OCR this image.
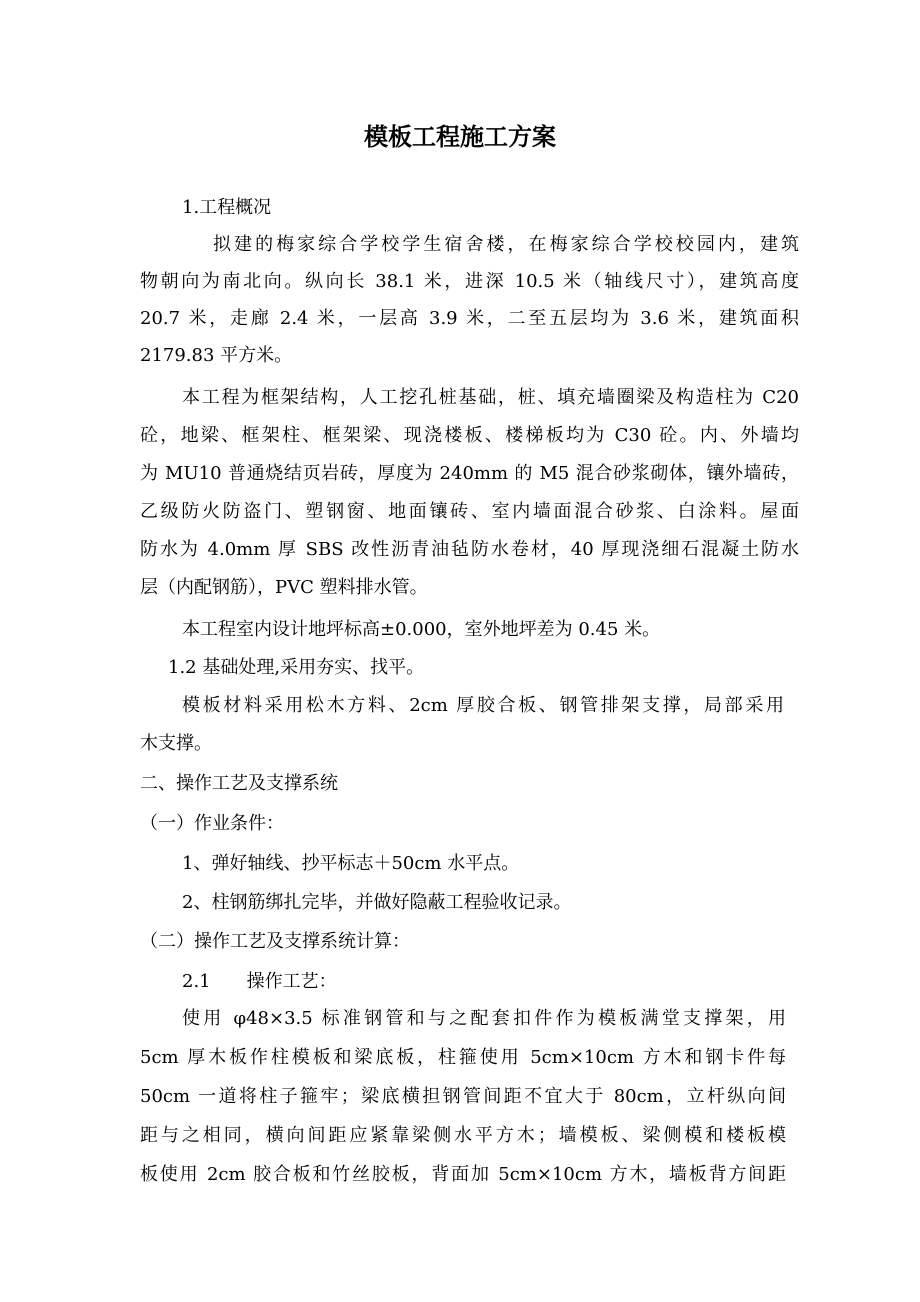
模板工程施工方案
1.工程概况
拟建的梅家综合学校学生宿舍楼，在梅家综合学校校园内，建筑
物朝向为南北向。纵向长 38.1 米，进深 10.5 米（轴线尺寸），建筑高度
20.7 米，走廊 2.4 米，一层高 3.9 米，二至五层均为 3.6 米，建筑面积
2179.83 平方米。
本工程为框架结构，人工挖孔桩基础，桩、填充墙圈梁及构造柱为 C20
砼，地梁、框架柱、框架梁、现浇楼板、楼梯板均为 C30 砼。内、外墙均
为 MU10 普通烧结页岩砖，厚度为 240mm 的 M5 混合砂浆砌体，镶外墙砖，
乙级防火防盗门、塑钢窗、地面镶砖、室内墙面混合砂浆、白涂料。屋面
防水为 4.0mm 厚 SBS 改性沥青油毡防水卷材，40 厚现浇细石混凝土防水
层（内配钢筋），PVC 塑料排水管。
本工程室内设计地坪标高±0.000，室外地坪差为 0.45 米。
1.2 基础处理,采用夯实、找平。
模板材料采用松木方料、2cm 厚胶合板、钢管排架支撑，局部采用
木支撑。
二、操作工艺及支撑系统
（一）作业条件：
1、弹好轴线、抄平标志＋50cm 水平点。
2、柱钢筋绑扎完毕，并做好隐蔽工程验收记录。
（二）操作工艺及支撑系统计算：
2.1　　操作工艺：
使用 φ48×3.5 标准钢管和与之配套扣件作为模板满堂支撑架，用
5cm 厚木板作柱模板和梁底板，柱箍使用 5cm×10cm 方木和钢卡件每
50cm 一道将柱子箍牢；梁底横担钢管间距不宜大于 80cm，立杆纵向间
距与之相同，横向间距应紧靠梁侧水平方木；墙模板、梁侧模和楼板模
板使用 2cm 胶合板和竹丝胶板，背面加 5cm×10cm 方木，墙板背方间距
